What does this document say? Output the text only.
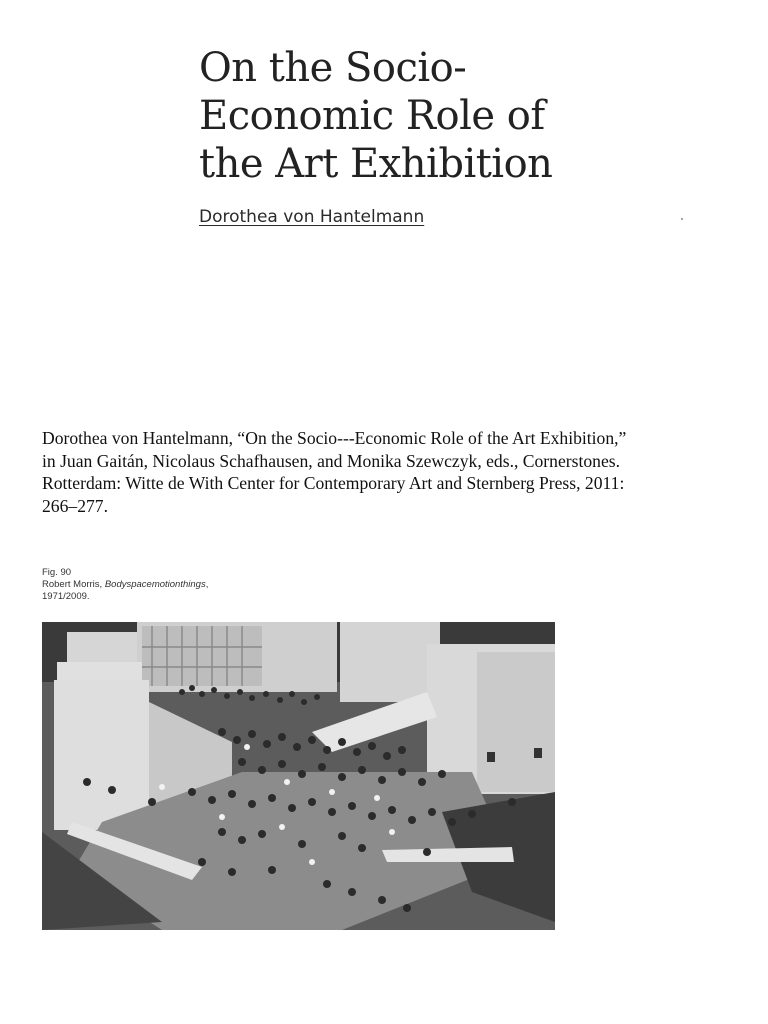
On the Socio-
Economic Role of
the Art Exhibition
Dorothea von Hantelmann

Dorothea von Hantelmann, “On the Socio---Economic Role of the Art Exhibition,”
in Juan Gaitán, Nicolaus Schafhausen, and Monika Szewczyk, eds., Cornerstones.
Rotterdam: Witte de With Center for Contemporary Art and Sternberg Press, 2011:
266–277.

Fig. 90
Robert Morris, Bodyspacemotionthings,
1971/2009.
